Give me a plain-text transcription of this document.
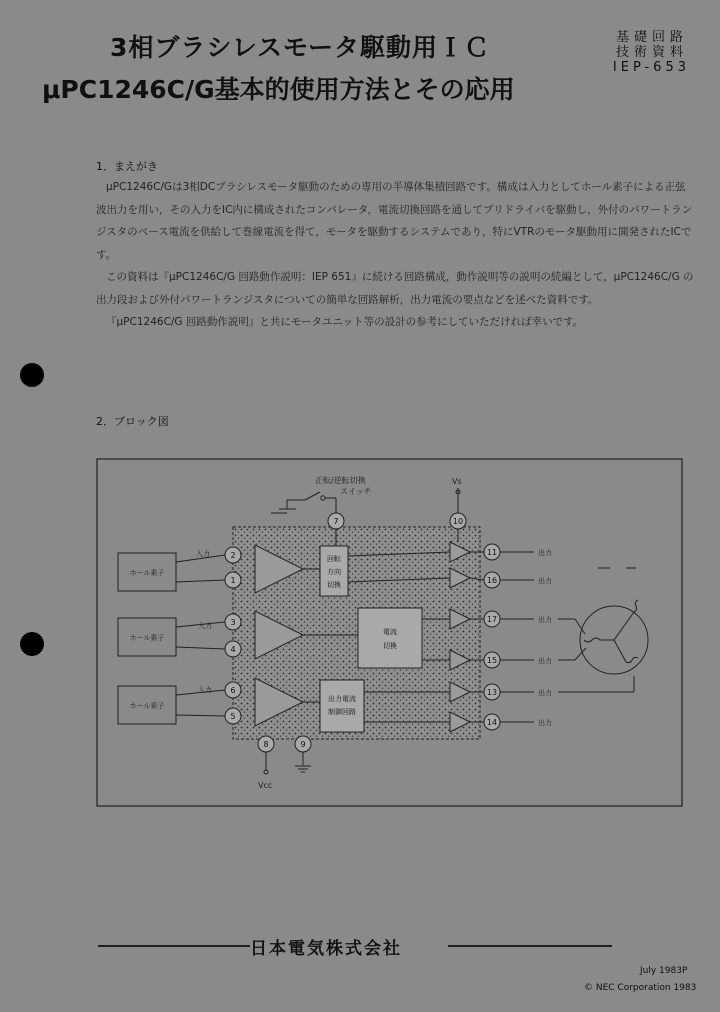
3相ブラシレスモータ駆動用ＩＣ
μPC1246C/G基本的使用方法とその応用
基礎回路
技術資料
IEP-653
1．まえがき

μPC1246C/Gは3相DCブラシレスモータ駆動のための専用の半導体集積回路です。構成は入力としてホール素子による正弦波出力を用い，その入力をIC内に構成されたコンパレータ，電流切換回路を通してプリドライバを駆動し，外付のパワートランジスタのベース電流を供給して巻線電流を得て，モータを駆動するシステムであり，特にVTRのモータ駆動用に開発されたICです。

この資料は『μPC1246C/G 回路動作説明：IEP 651』に続ける回路構成，動作説明等の説明の続編として，μPC1246C/G の出力段および外付パワートランジスタについての簡単な回路解析，出力電流の要点などを述べた資料です。

『μPC1246C/G 回路動作説明』と共にモータユニット等の設計の参考にしていただければ幸いです。

2．ブロック図
正転/逆転切換
スイッチ
Vs
7	10
ホール素子
ホール素子
ホール素子
入力
入力
入力
2
1
3
4
6
5
回転
方向
切換
電流
切換
出力電流
制御回路
11
16
17
15
13
14
出力
出力
出力
出力
出力
出力
8	9
Vcc
日本電気株式会社
July 1983P
© NEC Corporation 1983
